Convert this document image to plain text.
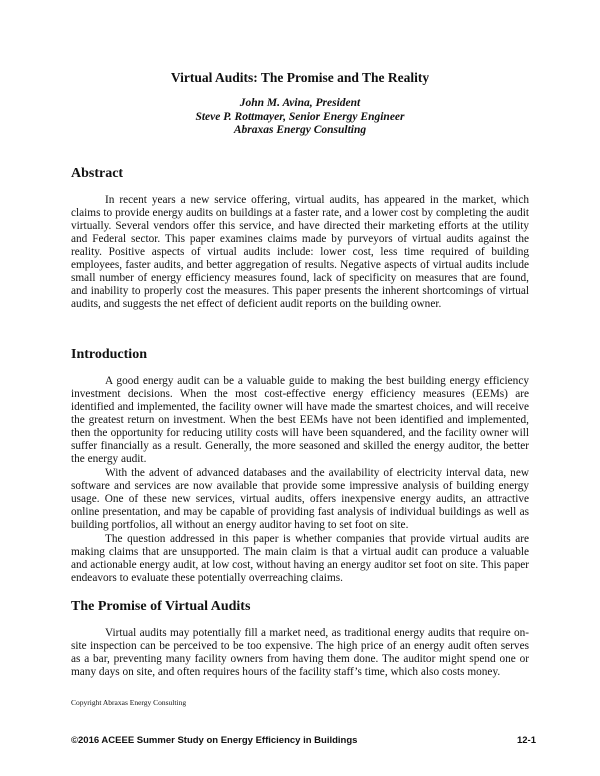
Virtual Audits: The Promise and The Reality
John M. Avina, President
Steve P. Rottmayer, Senior Energy Engineer
Abraxas Energy Consulting
Abstract

In recent years a new service offering, virtual audits, has appeared in the market, which claims to provide energy audits on buildings at a faster rate, and a lower cost by completing the audit virtually. Several vendors offer this service, and have directed their marketing efforts at the utility and Federal sector. This paper examines claims made by purveyors of virtual audits against the reality. Positive aspects of virtual audits include: lower cost, less time required of building employees, faster audits, and better aggregation of results. Negative aspects of virtual audits include small number of energy efficiency measures found, lack of specificity on measures that are found, and inability to properly cost the measures. This paper presents the inherent shortcomings of virtual audits, and suggests the net effect of deficient audit reports on the building owner.

Introduction

A good energy audit can be a valuable guide to making the best building energy efficiency investment decisions. When the most cost-effective energy efficiency measures (EEMs) are identified and implemented, the facility owner will have made the smartest choices, and will receive the greatest return on investment. When the best EEMs have not been identified and implemented, then the opportunity for reducing utility costs will have been squandered, and the facility owner will suffer financially as a result. Generally, the more seasoned and skilled the energy auditor, the better the energy audit.

With the advent of advanced databases and the availability of electricity interval data, new software and services are now available that provide some impressive analysis of building energy usage. One of these new services, virtual audits, offers inexpensive energy audits, an attractive online presentation, and may be capable of providing fast analysis of individual buildings as well as building portfolios, all without an energy auditor having to set foot on site.

The question addressed in this paper is whether companies that provide virtual audits are making claims that are unsupported. The main claim is that a virtual audit can produce a valuable and actionable energy audit, at low cost, without having an energy auditor set foot on site. This paper endeavors to evaluate these potentially overreaching claims.

The Promise of Virtual Audits

Virtual audits may potentially fill a market need, as traditional energy audits that require on-site inspection can be perceived to be too expensive. The high price of an energy audit often serves as a bar, preventing many facility owners from having them done. The auditor might spend one or many days on site, and often requires hours of the facility staff’s time, which also costs money.

Copyright Abraxas Energy Consulting
©2016 ACEEE Summer Study on Energy Efficiency in Buildings	12-1
